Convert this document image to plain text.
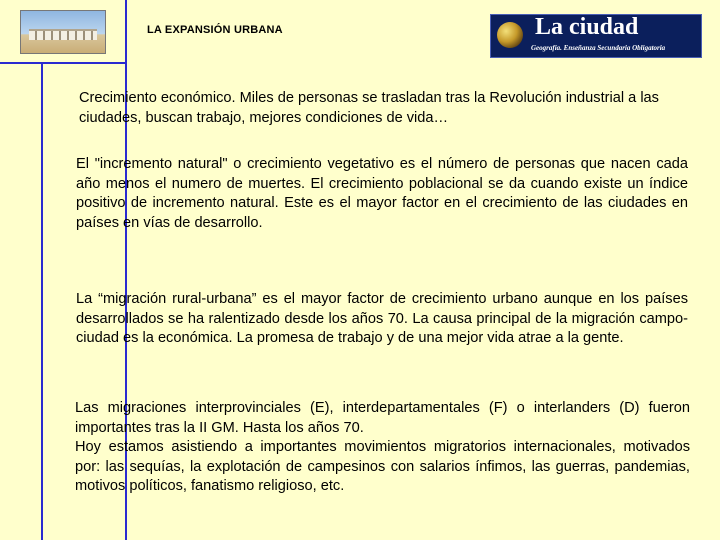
LA EXPANSIÓN URBANA	La ciudad
Geografía. Enseñanza Secundaria Obligatoria

Crecimiento económico. Miles de personas se trasladan tras la Revolución industrial a las ciudades, buscan trabajo, mejores condiciones de vida…

El "incremento natural" o crecimiento vegetativo es el número de personas que nacen cada año menos el numero de muertes. El crecimiento poblacional se da cuando existe un índice positivo de incremento natural. Este es el mayor factor en el crecimiento de las ciudades en países en vías de desarrollo.

La “migración rural-urbana” es el mayor factor de crecimiento urbano aunque en los países desarrollados se ha ralentizado desde los años 70. La causa principal de la migración campo-ciudad es la económica. La promesa de trabajo y de una mejor vida atrae a la gente.

Las migraciones interprovinciales (E), interdepartamentales (F) o interlanders (D) fueron importantes tras la II GM. Hasta los años 70.
Hoy estamos asistiendo a importantes movimientos migratorios internacionales, motivados por: las sequías, la explotación de campesinos con salarios ínfimos, las guerras, pandemias, motivos políticos, fanatismo religioso, etc.
